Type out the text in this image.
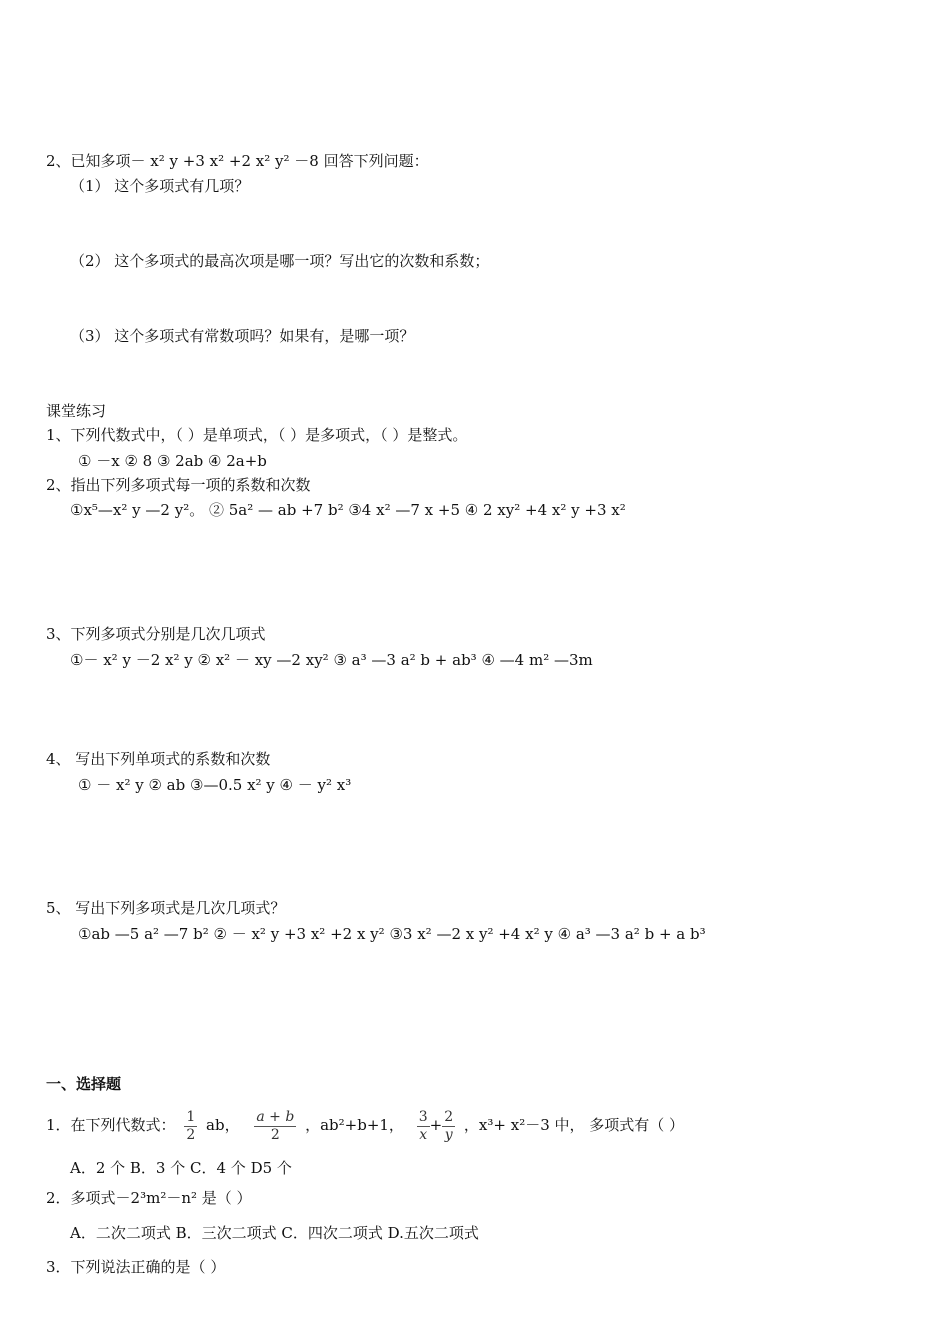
2、已知多项－ x² y +3 x² +2 x² y² －8 回答下列问题：
（1） 这个多项式有几项？
（2） 这个多项式的最高次项是哪一项？写出它的次数和系数；
（3） 这个多项式有常数项吗？如果有，是哪一项？
课堂练习
1、下列代数式中，（ ）是单项式，（ ）是多项式，（ ）是整式。
① －x ② 8 ③ 2ab ④ 2a+b
2、指出下列多项式每一项的系数和次数
①x⁵—x² y —2 y²。 ② 5a² — ab +7 b² ③4 x² —7 x +5 ④ 2 xy² +4 x² y +3 x²
3、下列多项式分别是几次几项式
①－ x² y －2 x² y ② x² － xy —2 xy² ③ a³ —3 a² b + ab³ ④ —4 m² —3m
4、 写出下列单项式的系数和次数
① － x² y ② ab ③—0.5 x² y ④ － y² x³
5、 写出下列多项式是几次几项式？
①ab —5 a² —7 b² ② － x² y +3 x² +2 x y² ③3 x² —2 x y² +4 x² y ④ a³ —3 a² b + a b³
一、选择题
1．在下列代数式： $\frac{1}{2}$ ab， $\frac{a + b}{2}$ ，ab²+b+1， $\frac{3}{x} + \frac{2}{y}$ ，x³+ x²－3 中， 多项式有（ ）
A．2 个 B．3 个 C．4 个 D5 个
2．多项式－2³m²－n² 是（ ）
A．二次二项式 B．三次二项式 C．四次二项式 D.五次二项式
3．下列说法正确的是（ ）
